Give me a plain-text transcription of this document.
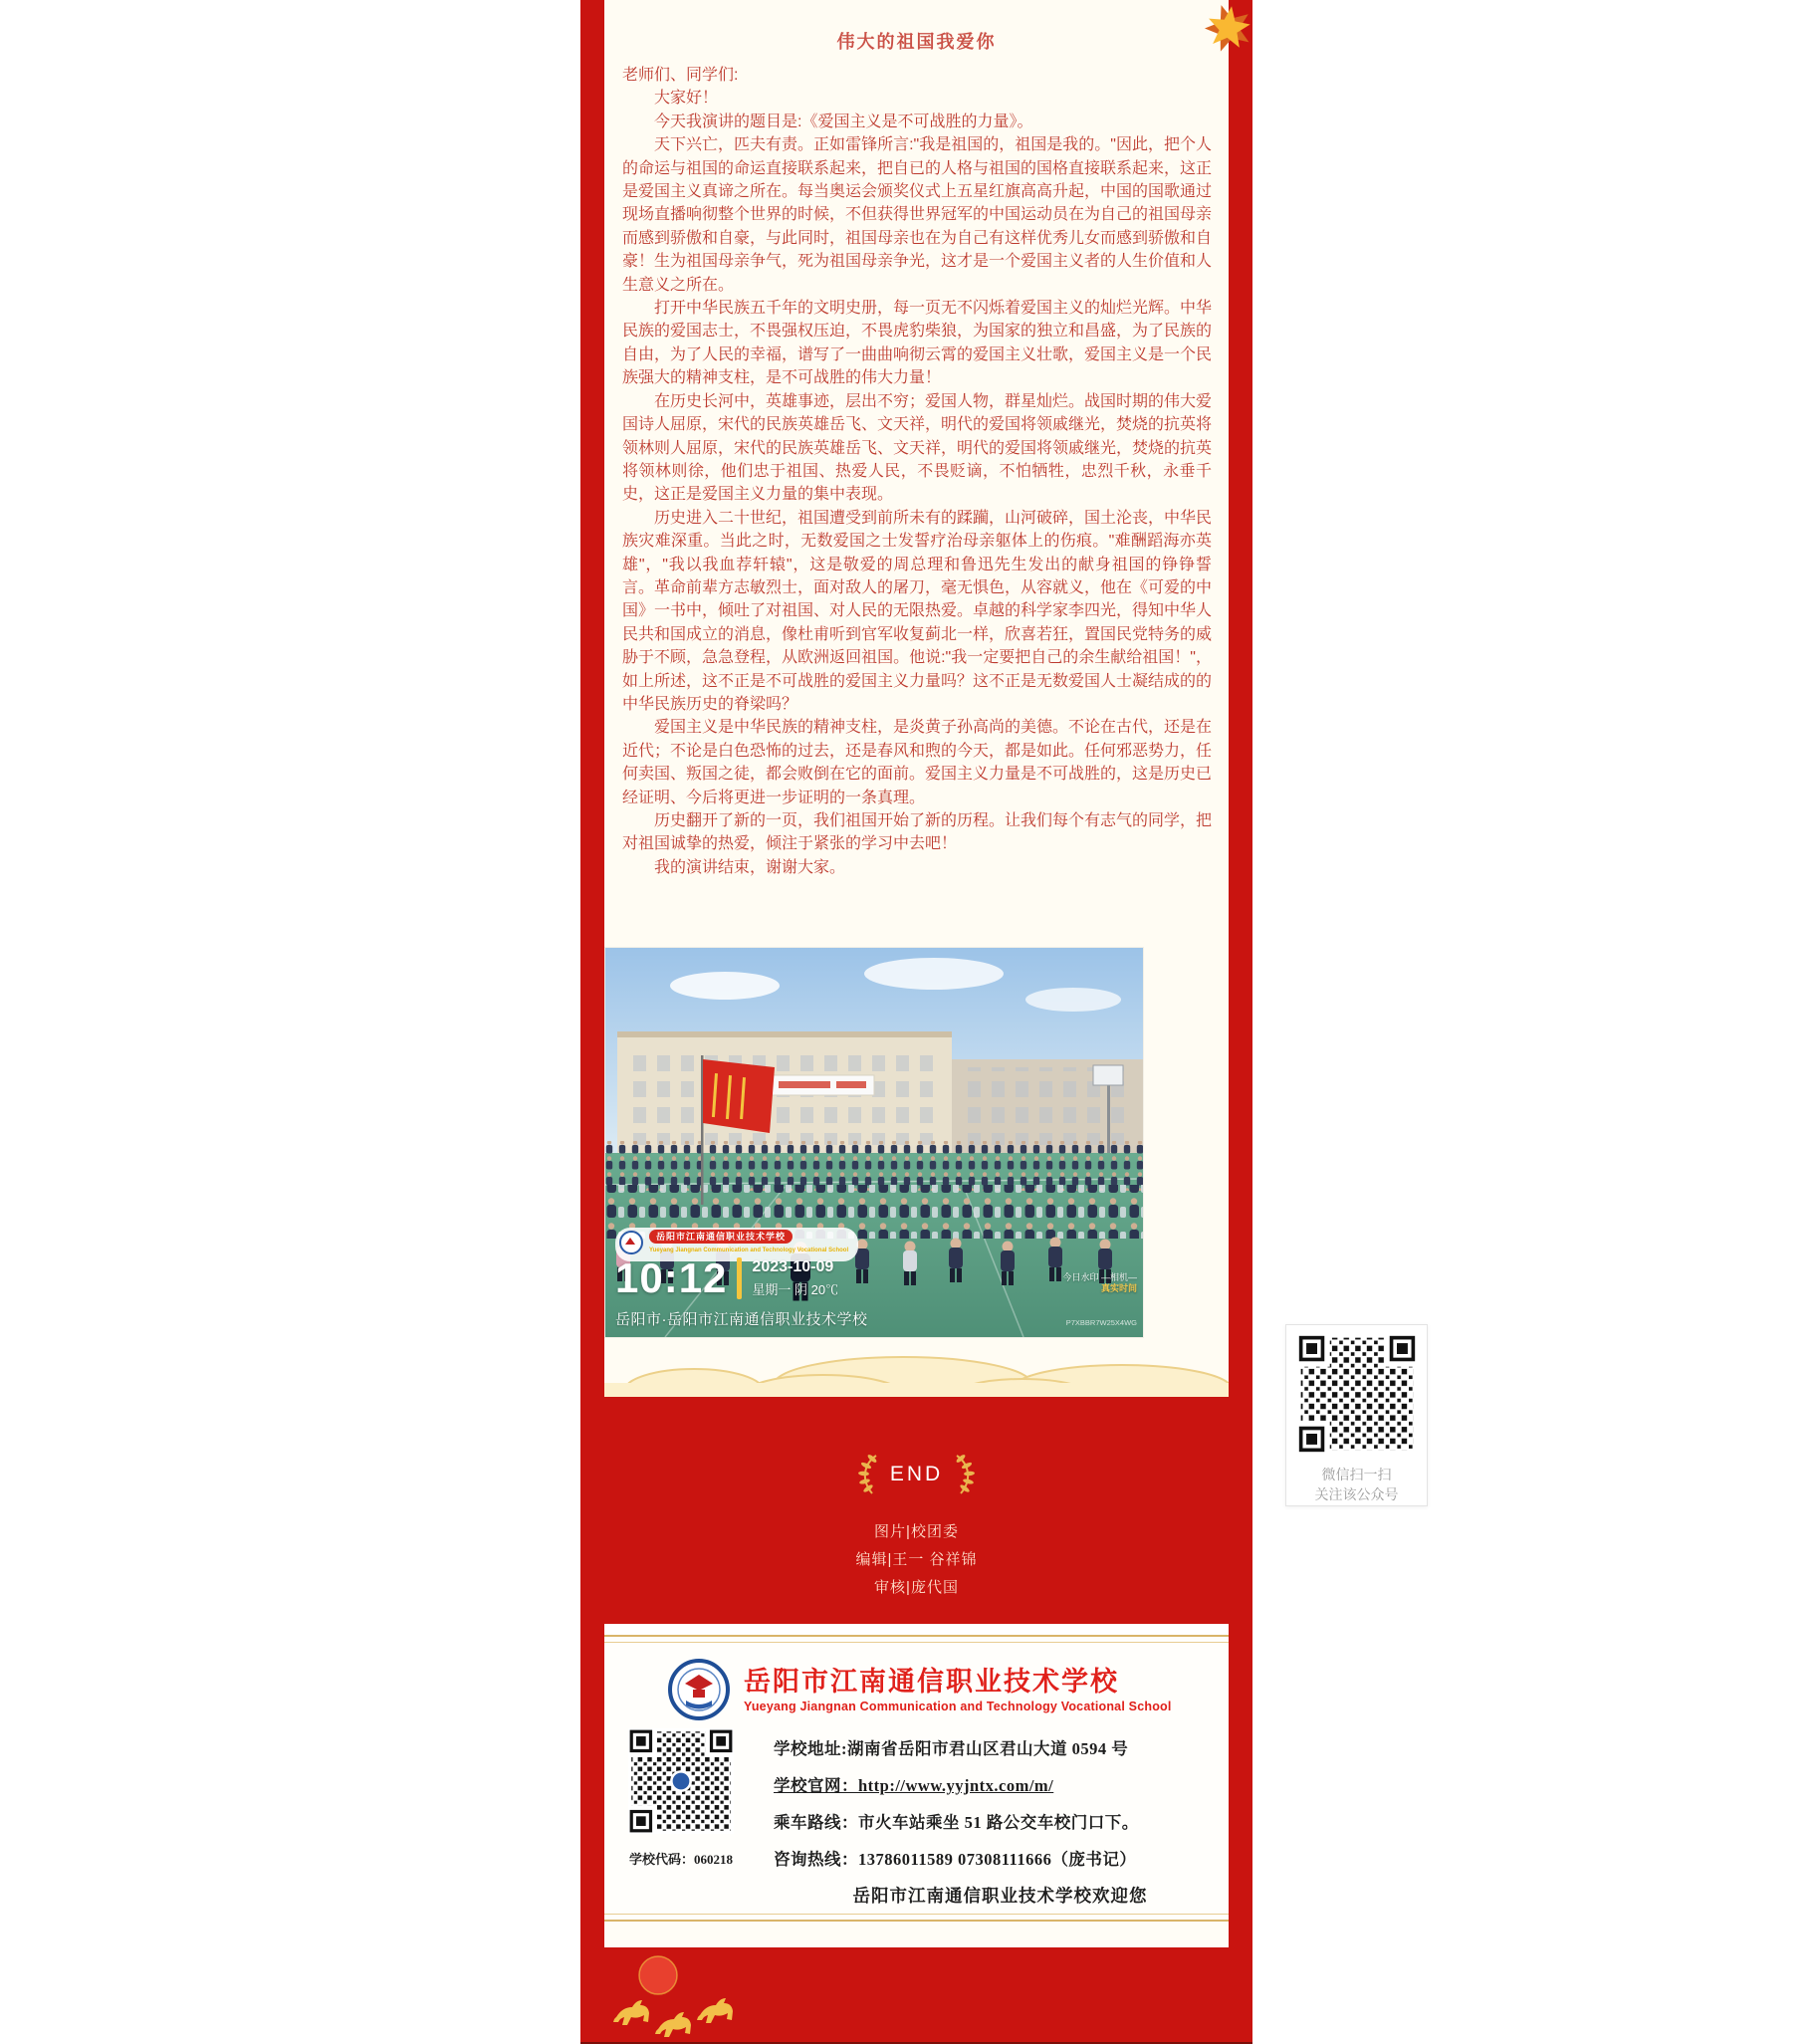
伟大的祖国我爱你

老师们、同学们:

大家好！

今天我演讲的题目是:《爱国主义是不可战胜的力量》。

天下兴亡，匹夫有责。正如雷锋所言:"我是祖国的，祖国是我的。"因此，把个人的命运与祖国的命运直接联系起来，把自已的人格与祖国的国格直接联系起来，这正是爱国主义真谛之所在。每当奥运会颁奖仪式上五星红旗高高升起，中国的国歌通过现场直播响彻整个世界的时候，不但获得世界冠军的中国运动员在为自己的祖国母亲而感到骄傲和自豪，与此同时，祖国母亲也在为自己有这样优秀儿女而感到骄傲和自豪！生为祖国母亲争气，死为祖国母亲争光，这才是一个爱国主义者的人生价值和人生意义之所在。

打开中华民族五千年的文明史册，每一页无不闪烁着爱国主义的灿烂光辉。中华民族的爱国志士，不畏强权压迫，不畏虎豹柴狼，为国家的独立和昌盛，为了民族的自由，为了人民的幸福，谱写了一曲曲响彻云霄的爱国主义壮歌，爱国主义是一个民族强大的精神支柱，是不可战胜的伟大力量！

在历史长河中，英雄事迹，层出不穷；爱国人物，群星灿烂。战国时期的伟大爱国诗人屈原，宋代的民族英雄岳飞、文天祥，明代的爱国将领戚继光，焚烧的抗英将领林则人屈原，宋代的民族英雄岳飞、文天祥，明代的爱国将领戚继光，焚烧的抗英将领林则徐，他们忠于祖国、热爱人民，不畏贬谪，不怕牺牲，忠烈千秋，永垂千史，这正是爱国主义力量的集中表现。

历史进入二十世纪，祖国遭受到前所未有的蹂躏，山河破碎，国土沦丧，中华民族灾难深重。当此之时，无数爱国之士发誓疗治母亲躯体上的伤痕。"难酬蹈海亦英雄"，"我以我血荐轩辕"，这是敬爱的周总理和鲁迅先生发出的献身祖国的铮铮誓言。革命前辈方志敏烈士，面对敌人的屠刀，毫无惧色，从容就义，他在《可爱的中国》一书中，倾吐了对祖国、对人民的无限热爱。卓越的科学家李四光，得知中华人民共和国成立的消息，像杜甫听到官军收复蓟北一样，欣喜若狂，置国民党特务的威胁于不顾，急急登程，从欧洲返回祖国。他说:"我一定要把自己的余生献给祖国！"，如上所述，这不正是不可战胜的爱国主义力量吗？这不正是无数爱国人士凝结成的的中华民族历史的脊梁吗？

爱国主义是中华民族的精神支柱，是炎黄子孙高尚的美德。不论在古代，还是在近代；不论是白色恐怖的过去，还是春风和煦的今天，都是如此。任何邪恶势力，任何卖国、叛国之徒，都会败倒在它的面前。爱国主义力量是不可战胜的，这是历史已经证明、今后将更进一步证明的一条真理。

历史翻开了新的一页，我们祖国开始了新的历程。让我们每个有志气的同学，把对祖国诚挚的热爱，倾注于紧张的学习中去吧！

我的演讲结束，谢谢大家。

岳阳市江南通信职业技术学校
Yueyang Jiangnan Communication and Technology Vocational School
10:12 2023-10-09
星期一 阴 20℃
岳阳市·岳阳市江南通信职业技术学校
今日水印 —相机—
真实时间
P7XBBR7W25X4WG
END
图片|校团委
编辑|王一 谷祥锦
审核|庞代国
岳阳市江南通信职业技术学校
Yueyang Jiangnan Communication and Technology Vocational School
学校代码：060218
学校地址:湖南省岳阳市君山区君山大道 0594 号
学校官网：http://www.yyjntx.com/m/
乘车路线：市火车站乘坐 51 路公交车校门口下。
咨询热线：13786011589 07308111666（庞书记）
岳阳市江南通信职业技术学校欢迎您
微信扫一扫
关注该公众号
